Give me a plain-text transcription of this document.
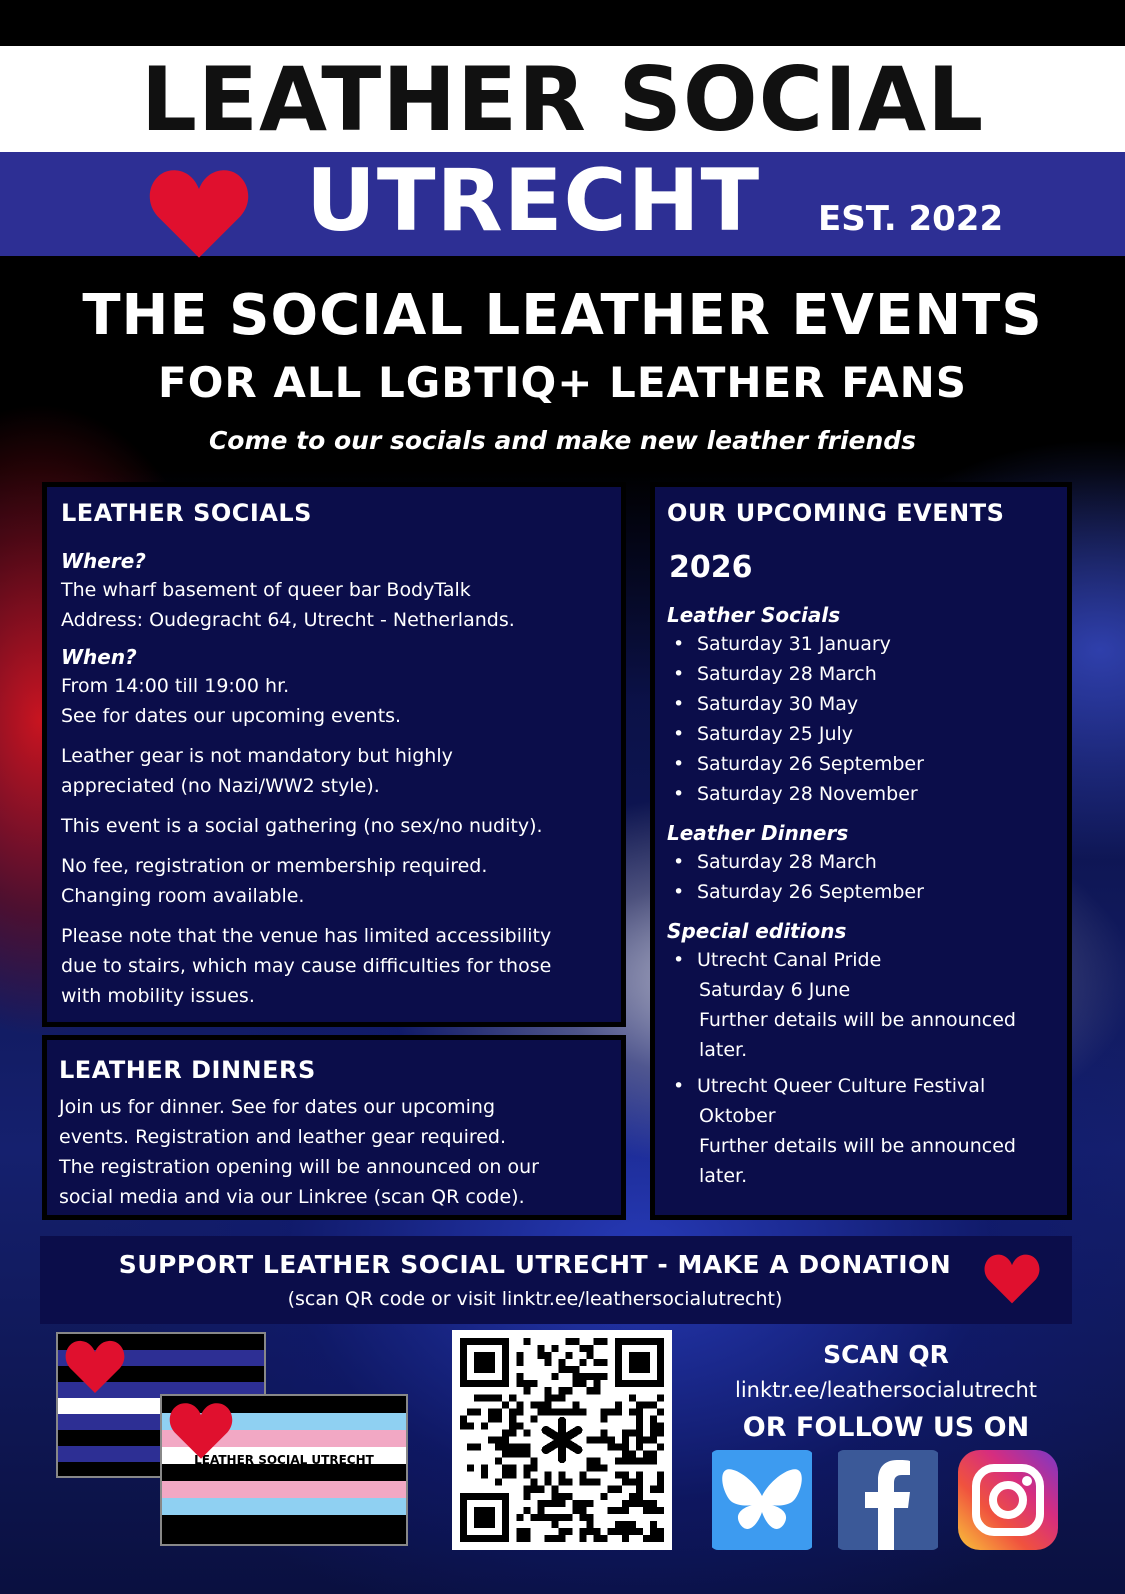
LEATHER SOCIAL
UTRECHT EST. 2022
THE SOCIAL LEATHER EVENTS
FOR ALL LGBTIQ+ LEATHER FANS
Come to our socials and make new leather friends
LEATHER SOCIALS
Where?

The wharf basement of queer bar BodyTalk

Address: Oudegracht 64, Utrecht - Netherlands.

When?

From 14:00 till 19:00 hr.

See for dates our upcoming events.

Leather gear is not mandatory but highly

appreciated (no Nazi/WW2 style).

This event is a social gathering (no sex/no nudity).

No fee, registration or membership required.

Changing room available.

Please note that the venue has limited accessibility

due to stairs, which may cause difficulties for those

with mobility issues.

LEATHER DINNERS

Join us for dinner. See for dates our upcoming

events. Registration and leather gear required.

The registration opening will be announced on our

social media and via our Linkree (scan QR code).

OUR UPCOMING EVENTS
2026
Leather Socials
• Saturday 31 January
• Saturday 28 March
• Saturday 30 May
• Saturday 25 July
• Saturday 26 September
• Saturday 28 November
Leather Dinners
• Saturday 28 March
• Saturday 26 September
Special editions
• Utrecht Canal Pride
Saturday 6 June
Further details will be announced
later.
• Utrecht Queer Culture Festival
Oktober
Further details will be announced
later.
SUPPORT LEATHER SOCIAL UTRECHT - MAKE A DONATION
(scan QR code or visit linktr.ee/leathersocialutrecht)
LEATHER SOCIAL UTRECHT
SCAN QR
linktr.ee/leathersocialutrecht
OR FOLLOW US ON
